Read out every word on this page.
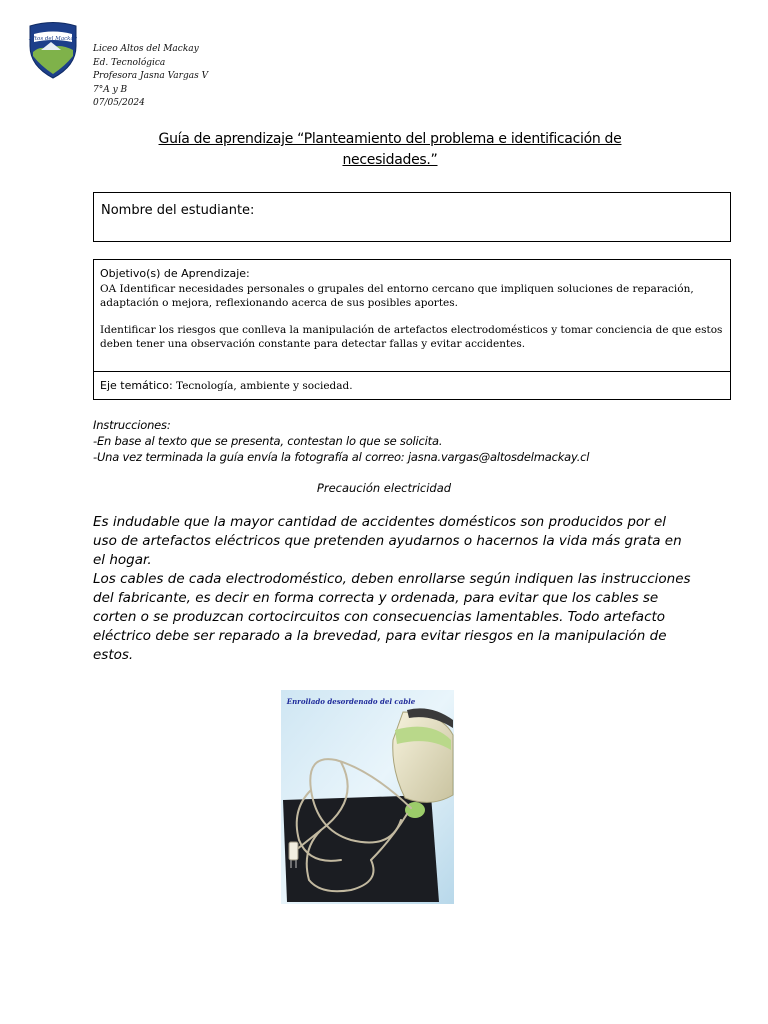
Altos del Mackay
Liceo Altos del Mackay
Ed. Tecnológica
Profesora Jasna Vargas V
7°A y B
07/05/2024
Guía de aprendizaje “Planteamiento del problema e identificación de necesidades.”
Nombre del estudiante:
Objetivo(s) de Aprendizaje:
OA Identificar necesidades personales o grupales del entorno cercano que impliquen soluciones de reparación, adaptación o mejora, reflexionando acerca de sus posibles aportes.
Identificar los riesgos que conlleva la manipulación de artefactos electrodomésticos y tomar conciencia de que estos deben tener una observación constante para detectar fallas y evitar accidentes.
Eje temático: Tecnología, ambiente y sociedad.
Instrucciones:
-En base al texto que se presenta, contestan lo que se solicita.
-Una vez terminada la guía envía la fotografía al correo: jasna.vargas@altosdelmackay.cl
Precaución electricidad

Es indudable que la mayor cantidad de accidentes domésticos son producidos por el uso de artefactos eléctricos que pretenden ayudarnos o hacernos la vida más grata en el hogar.

Los cables de cada electrodoméstico, deben enrollarse según indiquen las instrucciones del fabricante, es decir en forma correcta y ordenada, para evitar que los cables se corten o se produzcan cortocircuitos con consecuencias lamentables. Todo artefacto eléctrico debe ser reparado a la brevedad, para evitar riesgos en la manipulación de estos.

Enrollado desordenado del cable
